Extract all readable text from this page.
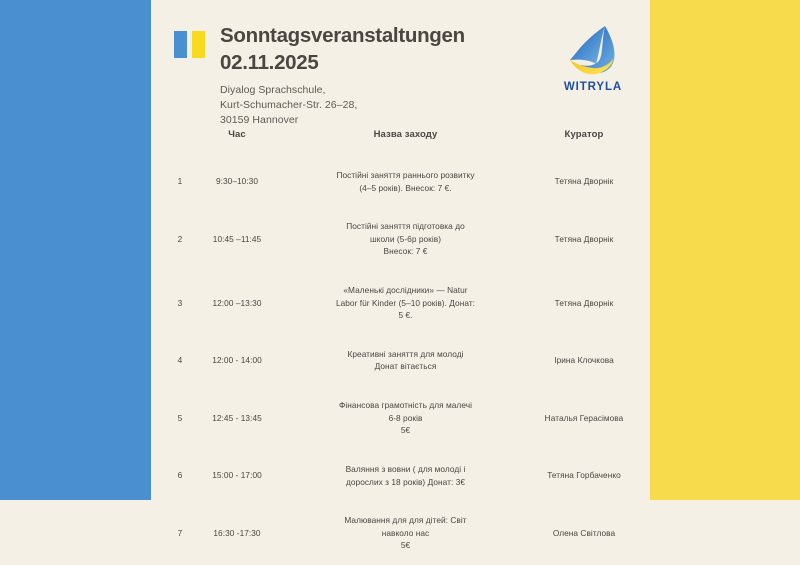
Sonntagsveranstaltungen
02.11.2025
Diyalog Sprachschule,
Kurt-Schumacher-Str. 26–28,
30159 Hannover
WITRYLA
	Час	Назва заходу	Куратор
1	9:30–10:30	Постійні заняття раннього розвитку
(4–5 років). Внесок: 7 €.	Тетяна Дворнік
2	10:45 –11:45	Постійні заняття підготовка до
школи (5-6р років)
Внесок: 7 €	Тетяна Дворнік
3	12:00 –13:30	«Маленькі дослідники» — Natur
Labor für Kinder (5–10 років). Донат:
5 €.	Тетяна Дворнік
4	12:00 - 14:00	Креативні заняття для молоді
Донат вітається	Ірина Клочкова
5	12:45 - 13:45	Фінансова грамотність для малечі
6-8 років
5€	Наталья Герасімова
6	15:00 - 17:00	Валяння з вовни ( для молоді і
дорослих з 18 років) Донат: 3€	Тетяна Горбаченко
7	16:30 -17:30	Малювання для для дітей: Світ
навколо нас
5€	Олена Світлова
